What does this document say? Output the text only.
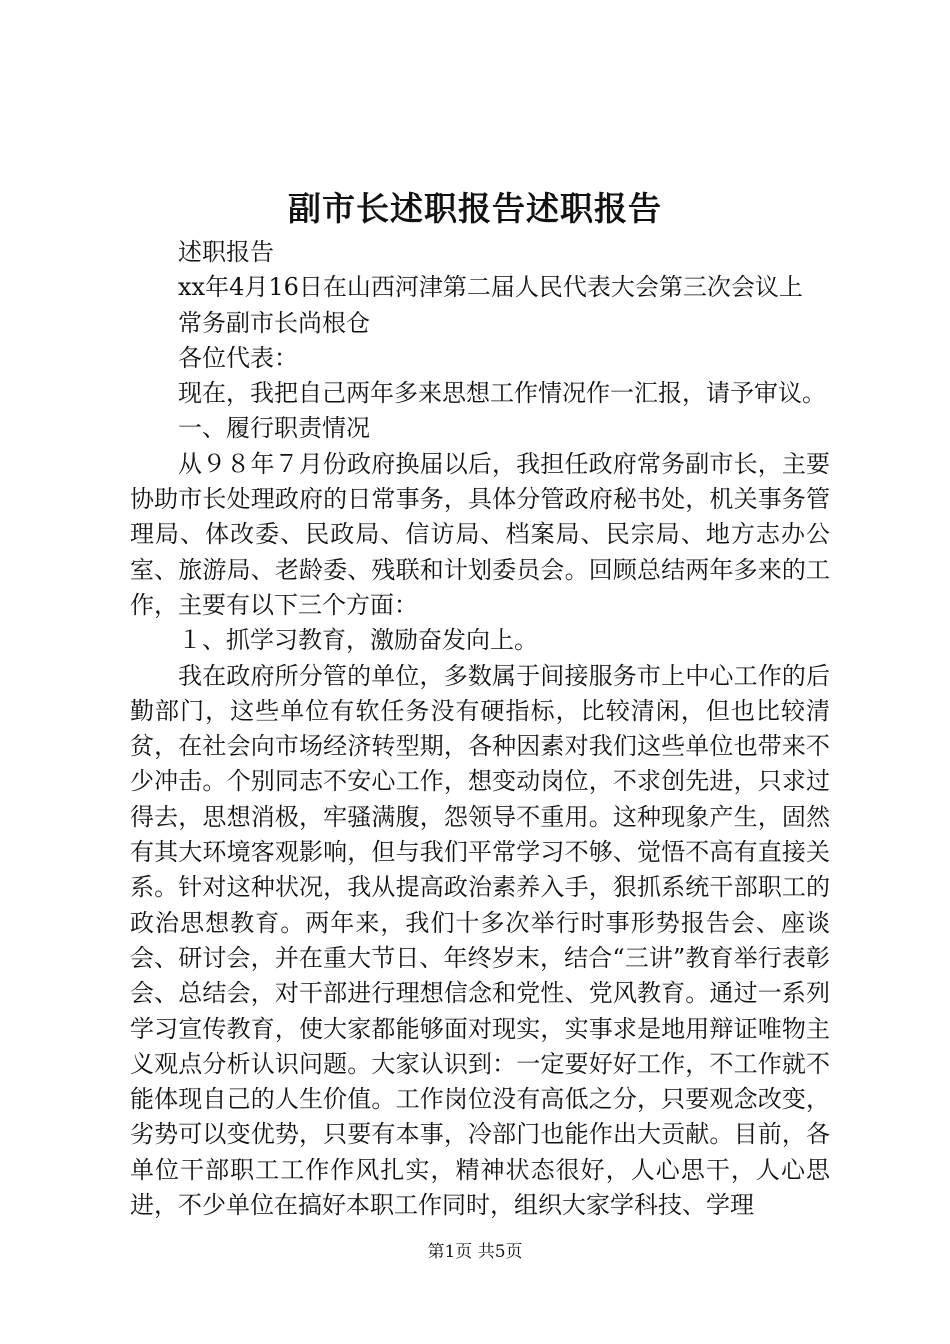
副市长述职报告述职报告

述职报告

xx年4月16日在山西河津第二届人民代表大会第三次会议上

常务副市长尚根仓

各位代表：

现在，我把自己两年多来思想工作情况作一汇报，请予审议。

一、履行职责情况

从９８年７月份政府换届以后，我担任政府常务副市长，主要协助市长处理政府的日常事务，具体分管政府秘书处，机关事务管理局、体改委、民政局、信访局、档案局、民宗局、地方志办公室、旅游局、老龄委、残联和计划委员会。回顾总结两年多来的工作，主要有以下三个方面：

１、抓学习教育，激励奋发向上。

我在政府所分管的单位，多数属于间接服务市上中心工作的后勤部门，这些单位有软任务没有硬指标，比较清闲，但也比较清贫，在社会向市场经济转型期，各种因素对我们这些单位也带来不少冲击。个别同志不安心工作，想变动岗位，不求创先进，只求过得去，思想消极，牢骚满腹，怨领导不重用。这种现象产生，固然有其大环境客观影响，但与我们平常学习不够、觉悟不高有直接关系。针对这种状况，我从提高政治素养入手，狠抓系统干部职工的政治思想教育。两年来，我们十多次举行时事形势报告会、座谈会、研讨会，并在重大节日、年终岁末，结合“三讲”教育举行表彰会、总结会，对干部进行理想信念和党性、党风教育。通过一系列学习宣传教育，使大家都能够面对现实，实事求是地用辩证唯物主义观点分析认识问题。大家认识到：一定要好好工作，不工作就不能体现自己的人生价值。工作岗位没有高低之分，只要观念改变，劣势可以变优势，只要有本事，冷部门也能作出大贡献。目前，各单位干部职工工作作风扎实，精神状态很好，人心思干，人心思进，不少单位在搞好本职工作同时，组织大家学科技、学理

第1页 共5页
